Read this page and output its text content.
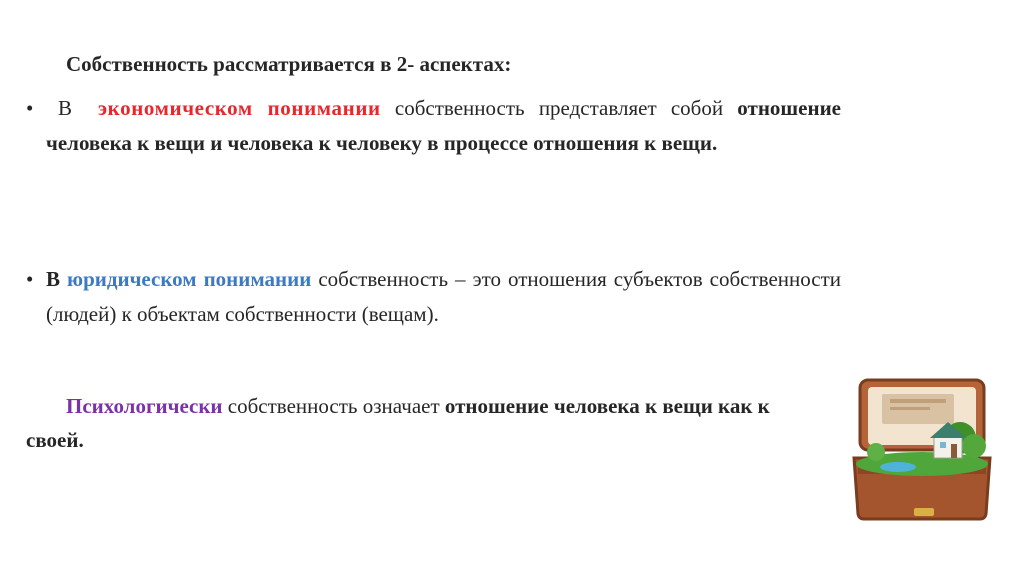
Собственность рассматривается в 2- аспектах:
•	В экономическом понимании собственность представляет собой отношение человека к вещи и человека к человеку в процессе отношения к вещи.
• В юридическом понимании собственность – это отношения субъектов собственности (людей) к объектам собственности (вещам).
Психологически собственность означает отношение человека к вещи как к своей.
